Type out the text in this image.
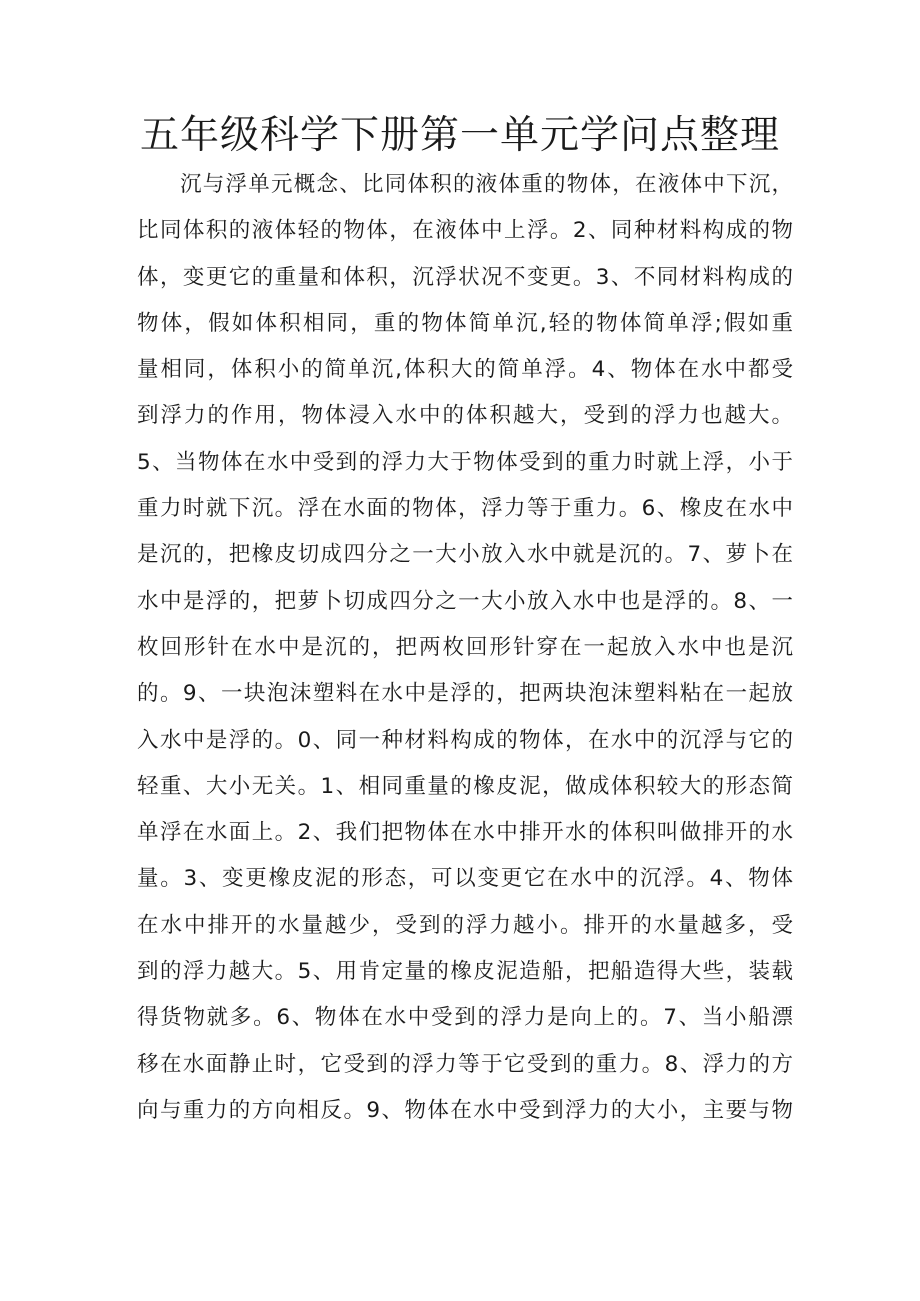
五年级科学下册第一单元学问点整理
沉与浮单元概念、比同体积的液体重的物体，在液体中下沉，
比同体积的液体轻的物体，在液体中上浮。2、同种材料构成的物
体，变更它的重量和体积，沉浮状况不变更。3、不同材料构成的
物体，假如体积相同，重的物体简单沉,轻的物体简单浮;假如重
量相同，体积小的简单沉,体积大的简单浮。4、物体在水中都受
到浮力的作用，物体浸入水中的体积越大，受到的浮力也越大。
5、当物体在水中受到的浮力大于物体受到的重力时就上浮，小于
重力时就下沉。浮在水面的物体，浮力等于重力。6、橡皮在水中
是沉的，把橡皮切成四分之一大小放入水中就是沉的。7、萝卜在
水中是浮的，把萝卜切成四分之一大小放入水中也是浮的。8、一
枚回形针在水中是沉的，把两枚回形针穿在一起放入水中也是沉
的。9、一块泡沫塑料在水中是浮的，把两块泡沫塑料粘在一起放
入水中是浮的。0、同一种材料构成的物体，在水中的沉浮与它的
轻重、大小无关。1、相同重量的橡皮泥，做成体积较大的形态简
单浮在水面上。2、我们把物体在水中排开水的体积叫做排开的水
量。3、变更橡皮泥的形态，可以变更它在水中的沉浮。4、物体
在水中排开的水量越少，受到的浮力越小。排开的水量越多，受
到的浮力越大。5、用肯定量的橡皮泥造船，把船造得大些，装载
得货物就多。6、物体在水中受到的浮力是向上的。7、当小船漂
移在水面静止时，它受到的浮力等于它受到的重力。8、浮力的方
向与重力的方向相反。9、物体在水中受到浮力的大小，主要与物
